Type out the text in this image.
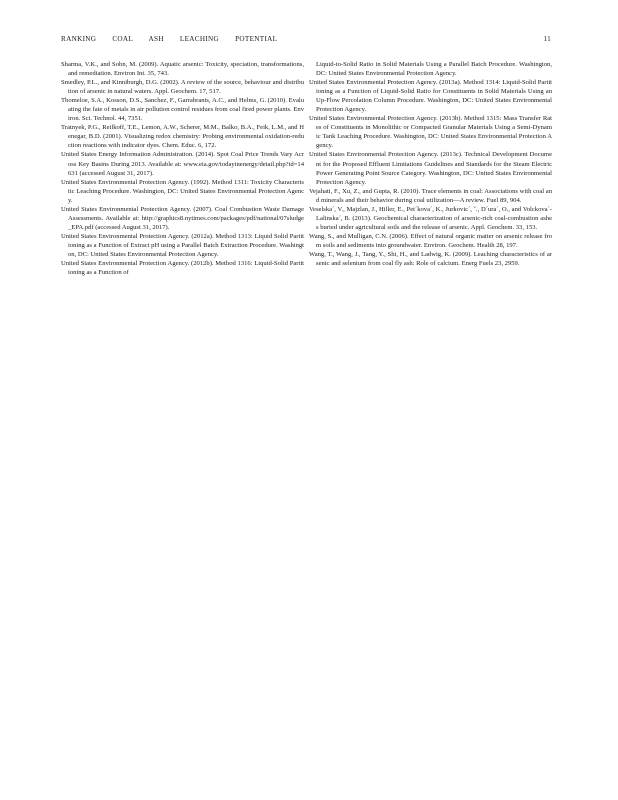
RANKING COAL ASH LEACHING POTENTIAL	11

Sharma, V.K., and Sohn, M. (2009). Aquatic arsenic: Toxicity, speciation, transformations, and remediation. Environ Int. 35, 743.

Smedley, P.L., and Kinniburgh, D.G. (2002). A review of the source, behaviour and distribution of arsenic in natural waters. Appl. Geochem. 17, 517.

Thomeloe, S.A., Kosson, D.S., Sanchez, F., Garrabrants, A.C., and Helms, G. (2010). Evaluating the fate of metals in air pollution control residues from coal fired power plants. Environ. Sci. Technol. 44, 7351.

Tratnyek, P.G., Reilkoff, T.E., Lemon, A.W., Scherer, M.M., Balko, B.A., Feik, L.M., and Henegar, B.D. (2001). Visualizing redox chemistry: Probing environmental oxidation-reduction reactions with indicator dyes. Chem. Educ. 6, 172.

United States Energy Information Administration. (2014). Spot Coal Price Trends Vary Across Key Basins During 2013. Available at: www.eia.gov/todayinenergy/detail.php?id=14631 (accessed August 31, 2017).

United States Environmental Protection Agency. (1992). Method 1311: Toxicity Characteristic Leaching Procedure. Washington, DC: United States Environmental Protection Agency.

United States Environmental Protection Agency. (2007). Coal Combustion Waste Damage Assessments. Available at: http://graphics8.nytimes.com/packages/pdf/national/07sludge_EPA.pdf (accessed August 31, 2017).

United States Environmental Protection Agency. (2012a). Method 1313: Liquid Solid Partitioning as a Function of Extract pH using a Parallel Batch Extraction Procedure. Washington, DC: United States Environmental Protection Agency.

United States Environmental Protection Agency. (2012b). Method 1316: Liquid-Solid Partitioning as a Function of

Liquid-to-Solid Ratio in Solid Materials Using a Parallel Batch Procedure. Washington, DC: United States Environmental Protection Agency.

United States Environmental Protection Agency. (2013a). Method 1314: Liquid-Solid Partitioning as a Function of Liquid-Solid Ratio for Constituents in Solid Materials Using an Up-Flow Percolation Column Procedure. Washington, DC: United States Environmental Protection Agency.

United States Environmental Protection Agency. (2013b). Method 1315: Mass Transfer Rates of Constituents in Monolithic or Compacted Granular Materials Using a Semi-Dynamic Tank Leaching Procedure. Washington, DC: United States Environmental Protection Agency.

United States Environmental Protection Agency. (2013c). Technical Development Document for the Proposed Effluent Limitations Guidelines and Standards for the Steam Electric Power Generating Point Source Category. Washington, DC: United States Environmental Protection Agency.

Vejahati, F., Xu, Z., and Gupta, R. (2010). Trace elements in coal: Associations with coal and minerals and their behavior during coal utilization—A review. Fuel 89, 904.

Veselska´, V., Majzlan, J., Hiller, E., Pet´kova´, K., Jurkovic´, ˇ., D´ura´, O., and Volckova´-Lalinska´, B. (2013). Geochemical characterization of arsenic-rich coal-combustion ashes buried under agricultural soils and the release of arsenic. Appl. Geochem. 33, 153.

Wang, S., and Mulligan, C.N. (2006). Effect of natural organic matter on arsenic release from soils and sediments into groundwater. Environ. Geochem. Health 28, 197.

Wang, T., Wang, J., Tang, Y., Shi, H., and Ladwig, K. (2009). Leaching characteristics of arsenic and selenium from coal fly ash: Role of calcium. Energ Fuels 23, 2959.
